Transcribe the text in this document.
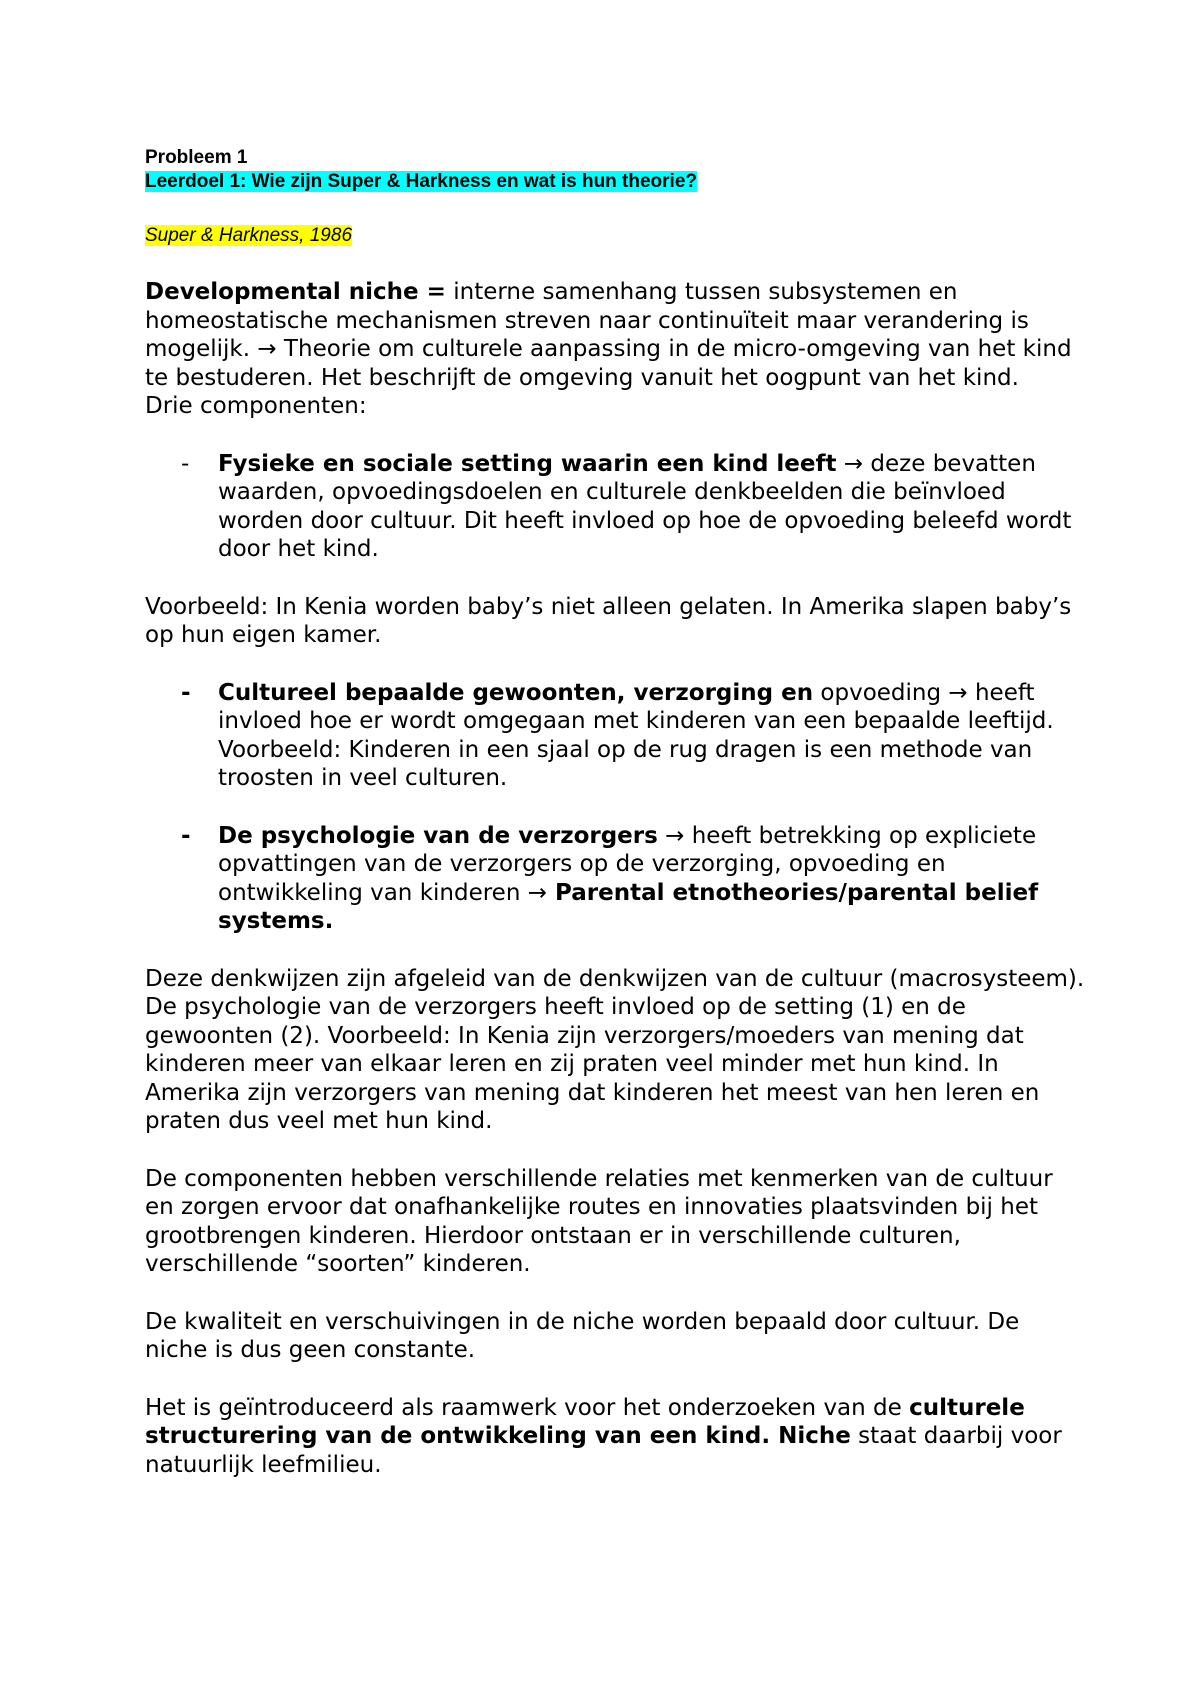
Probleem 1
Leerdoel 1: Wie zijn Super & Harkness en wat is hun theorie?
Super & Harkness, 1986

Developmental niche = interne samenhang tussen subsystemen en homeostatische mechanismen streven naar continuïteit maar verandering is mogelijk. → Theorie om culturele aanpassing in de micro-omgeving van het kind te bestuderen. Het beschrijft de omgeving vanuit het oogpunt van het kind.

Drie componenten:

-	Fysieke en sociale setting waarin een kind leeft → deze bevatten waarden, opvoedingsdoelen en culturele denkbeelden die beïnvloed worden door cultuur. Dit heeft invloed op hoe de opvoeding beleefd wordt door het kind.

Voorbeeld: In Kenia worden baby’s niet alleen gelaten. In Amerika slapen baby’s op hun eigen kamer.

-	Cultureel bepaalde gewoonten, verzorging en opvoeding → heeft invloed hoe er wordt omgegaan met kinderen van een bepaalde leeftijd. Voorbeeld: Kinderen in een sjaal op de rug dragen is een methode van troosten in veel culturen.
-	De psychologie van de verzorgers → heeft betrekking op expliciete opvattingen van de verzorgers op de verzorging, opvoeding en ontwikkeling van kinderen → Parental etnotheories/parental belief systems.

Deze denkwijzen zijn afgeleid van de denkwijzen van de cultuur (macrosysteem). De psychologie van de verzorgers heeft invloed op de setting (1) en de gewoonten (2). Voorbeeld: In Kenia zijn verzorgers/moeders van mening dat kinderen meer van elkaar leren en zij praten veel minder met hun kind. In Amerika zijn verzorgers van mening dat kinderen het meest van hen leren en praten dus veel met hun kind.

De componenten hebben verschillende relaties met kenmerken van de cultuur en zorgen ervoor dat onafhankelijke routes en innovaties plaatsvinden bij het grootbrengen kinderen. Hierdoor ontstaan er in verschillende culturen, verschillende “soorten” kinderen.

De kwaliteit en verschuivingen in de niche worden bepaald door cultuur. De niche is dus geen constante.

Het is geïntroduceerd als raamwerk voor het onderzoeken van de culturele structurering van de ontwikkeling van een kind. Niche staat daarbij voor natuurlijk leefmilieu.
